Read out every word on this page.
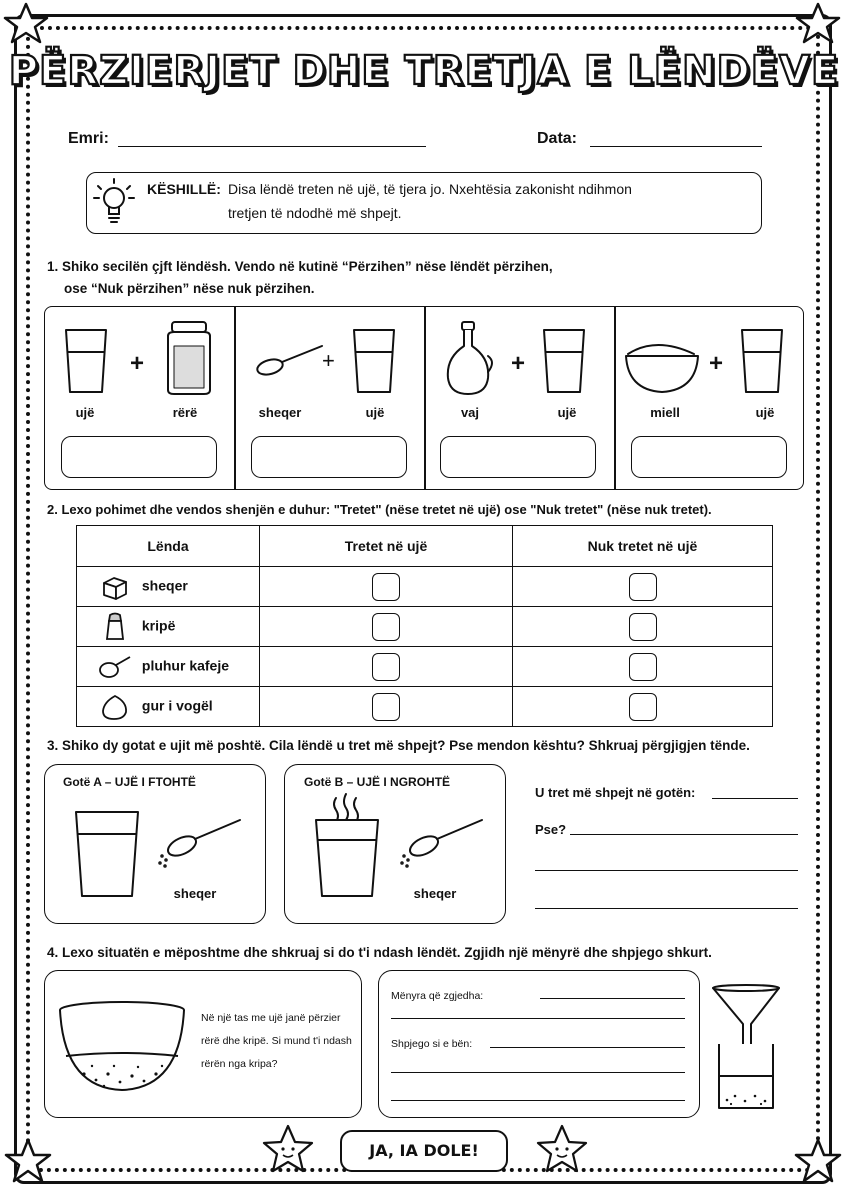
PËRZIERJET DHE TRETJA E LËNDËVE
Emri:	Data:
KËSHILLË: Disa lëndë treten në ujë, të tjera jo. Nxehtësia zakonisht ndihmon
tretjen të ndodhë më shpejt.
1. Shiko secilën çjft lëndësh. Vendo në kutinë “Përzihen” nëse lëndët përzihen,
ose “Nuk përzihen” nëse nuk përzihen.
+	+	+	+
ujë	rërë	sheqer	ujë	vaj	ujë	miell	ujë
2. Lexo pohimet dhe vendos shenjën e duhur: "Tretet" (nëse tretet në ujë) ose "Nuk tretet" (nëse nuk tretet).
Lënda	Tretet në ujë	Nuk tretet në ujë
sheqer		
kripë		
pluhur kafeje		
gur i vogël		
3. Shiko dy gotat e ujit më poshtë. Cila lëndë u tret më shpejt? Pse mendon kështu? Shkruaj përgjigjen tënde.
Gotë A – UJË I FTOHTË	Gotë B – UJË I NGROHTË
sheqer	sheqer
U tret më shpejt në gotën:
Pse?
4. Lexo situatën e mëposhtme dhe shkruaj si do t'i ndash lëndët. Zgjidh një mënyrë dhe shpjego shkurt.
Në një tas me ujë janë përzier
rërë dhe kripë. Si mund t'i ndash
rërën nga kripa?
Mënyra që zgjedha:
Shpjego si e bën:
JA, IA DOLE!
